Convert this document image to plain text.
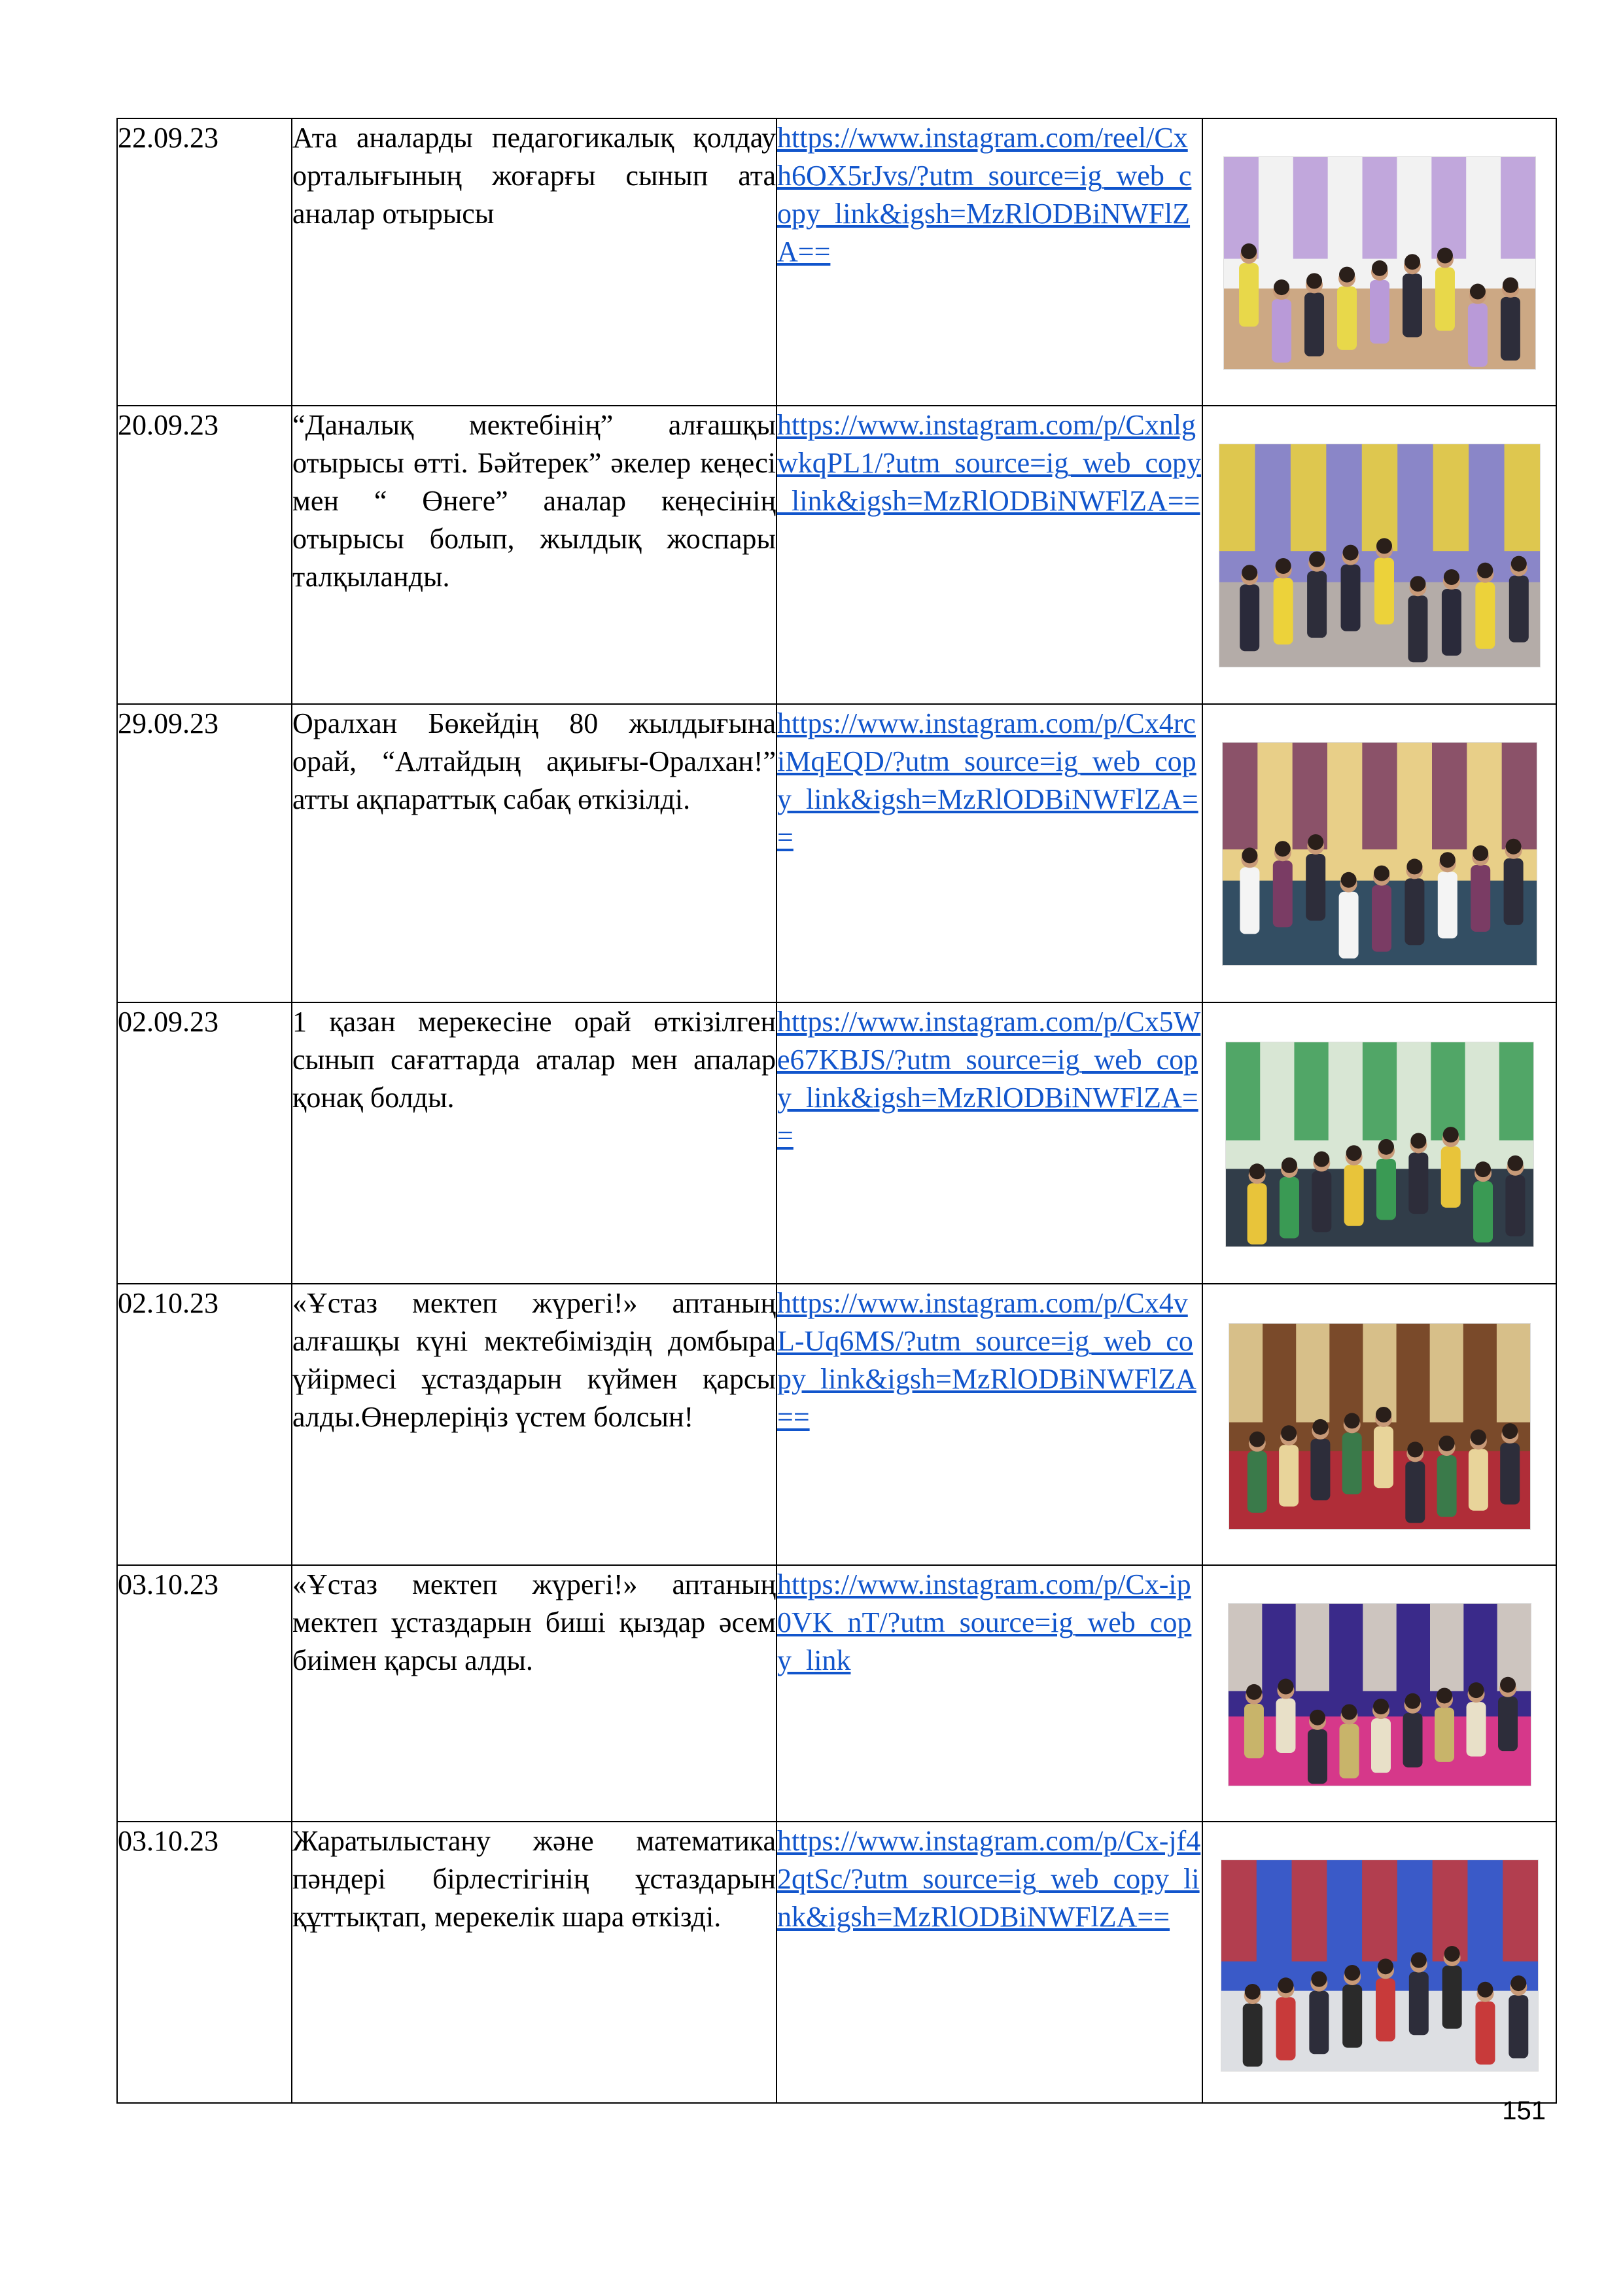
22.09.23	Ата аналарды педагогикалық қолдау орталығының жоғарғы сынып ата аналар отырысы	https://www.instagram.com/reel/Cxh6OX5rJvs/?utm_source=ig_web_copy_link&igsh=MzRlODBiNWFlZA==	

20.09.23	“Даналық мектебінің” алғашқы отырысы өтті. Бәйтерек” әкелер кеңесі мен “ Өнеге” аналар кеңесінің отырысы болып, жылдық жоспары талқыланды.	https://www.instagram.com/p/CxnlgwkqPL1/?utm_source=ig_web_copy_link&igsh=MzRlODBiNWFlZA==	

29.09.23	Оралхан Бөкейдің 80 жылдығына орай, “Алтайдың ақиығы-Оралхан!” атты ақпараттық сабақ өткізілді.	https://www.instagram.com/p/Cx4rciMqEQD/?utm_source=ig_web_copy_link&igsh=MzRlODBiNWFlZA==	

02.09.23	1 қазан мерекесіне орай өткізілген сынып сағаттарда аталар мен апалар қонақ болды.	https://www.instagram.com/p/Cx5We67KBJS/?utm_source=ig_web_copy_link&igsh=MzRlODBiNWFlZA==	

02.10.23	«Ұстаз мектеп жүрегі!» аптаның алғашқы күні мектебіміздің домбыра үйірмесі ұстаздарын күймен қарсы алды.Өнерлеріңіз үстем болсын!	https://www.instagram.com/p/Cx4vL-Uq6MS/?utm_source=ig_web_copy_link&igsh=MzRlODBiNWFlZA==	

03.10.23	«Ұстаз мектеп жүрегі!» аптаның мектеп ұстаздарын биші қыздар әсем биімен қарсы алды.	https://www.instagram.com/p/Cx-ip0VK_nT/?utm_source=ig_web_copy_link	

03.10.23	Жаратылыстану және математика пәндері бірлестігінің ұстаздарын құттықтап, мерекелік шара өткізді.	https://www.instagram.com/p/Cx-jf42qtSc/?utm_source=ig_web_copy_link&igsh=MzRlODBiNWFlZA==	
151
